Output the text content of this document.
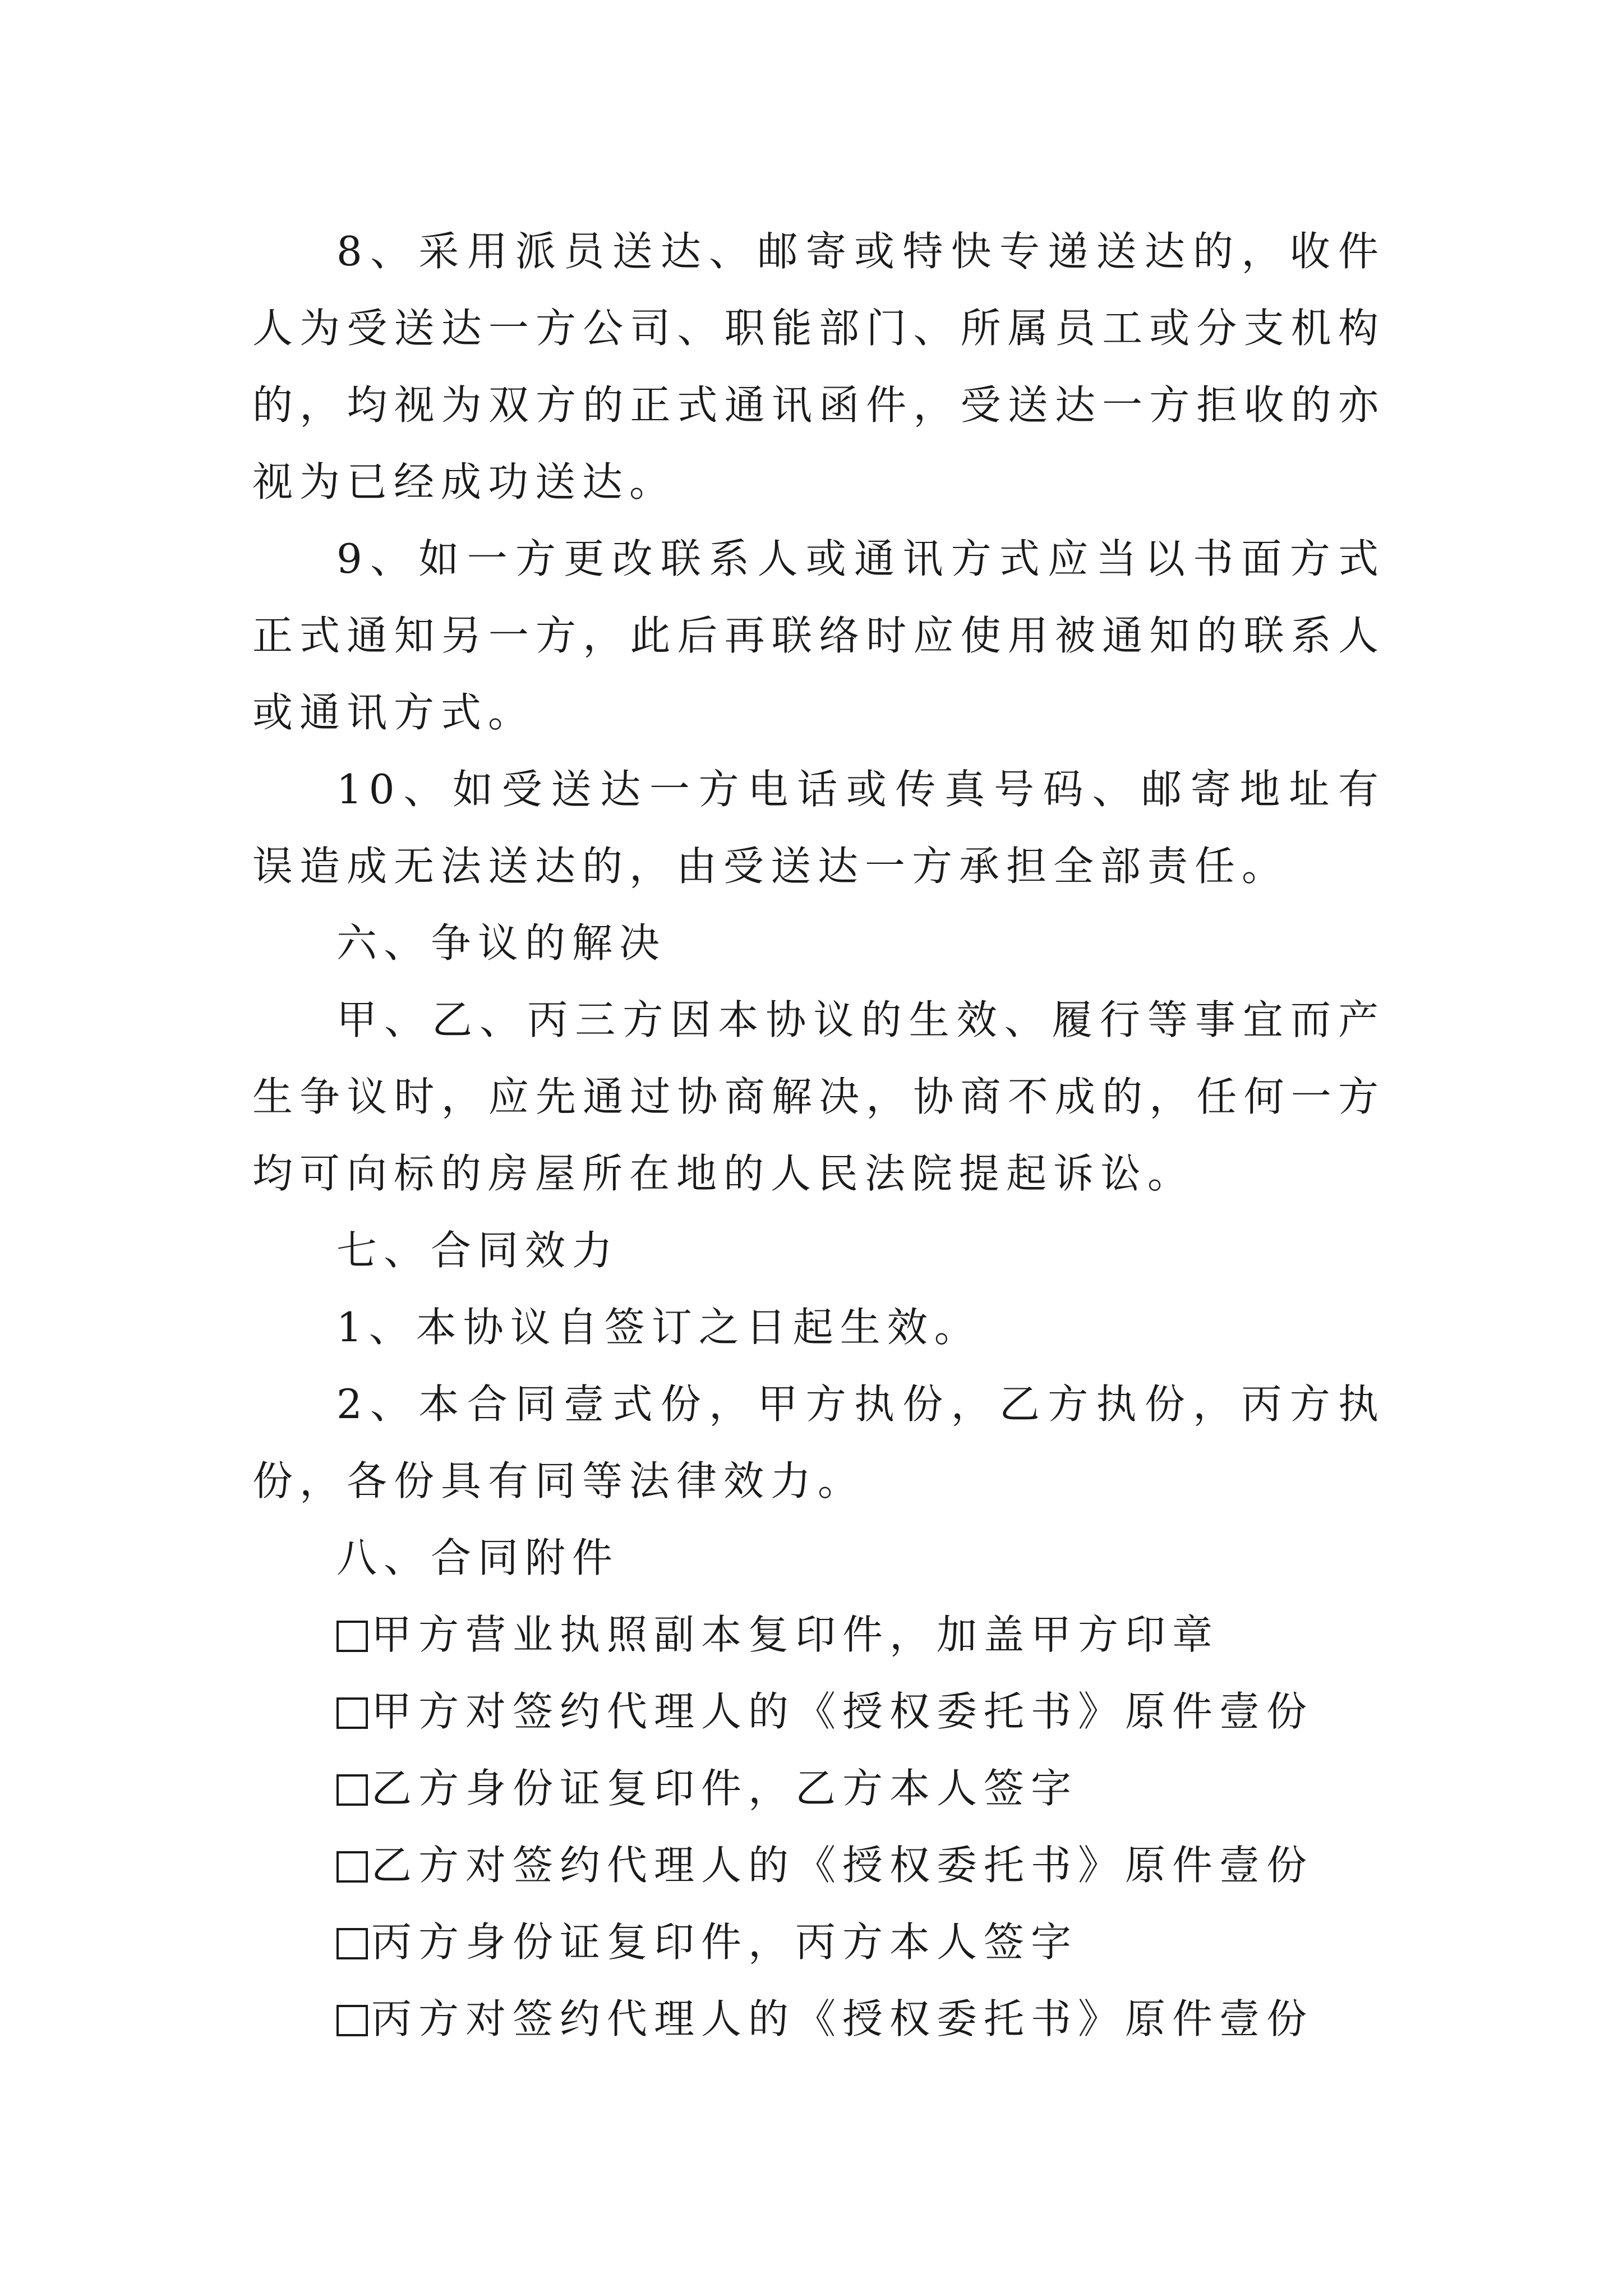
8、采用派员送达、邮寄或特快专递送达的，收件人为受送达一方公司、职能部门、所属员工或分支机构的，均视为双方的正式通讯函件，受送达一方拒收的亦视为已经成功送达。

9、如一方更改联系人或通讯方式应当以书面方式正式通知另一方，此后再联络时应使用被通知的联系人或通讯方式。

10、如受送达一方电话或传真号码、邮寄地址有误造成无法送达的，由受送达一方承担全部责任。

六、争议的解决

甲、乙、丙三方因本协议的生效、履行等事宜而产生争议时，应先通过协商解决，协商不成的，任何一方均可向标的房屋所在地的人民法院提起诉讼。

七、合同效力

1、本协议自签订之日起生效。

2、本合同壹式份，甲方执份，乙方执份，丙方执份，各份具有同等法律效力。

八、合同附件

甲方营业执照副本复印件，加盖甲方印章
甲方对签约代理人的《授权委托书》原件壹份
乙方身份证复印件，乙方本人签字
乙方对签约代理人的《授权委托书》原件壹份
丙方身份证复印件，丙方本人签字
丙方对签约代理人的《授权委托书》原件壹份
